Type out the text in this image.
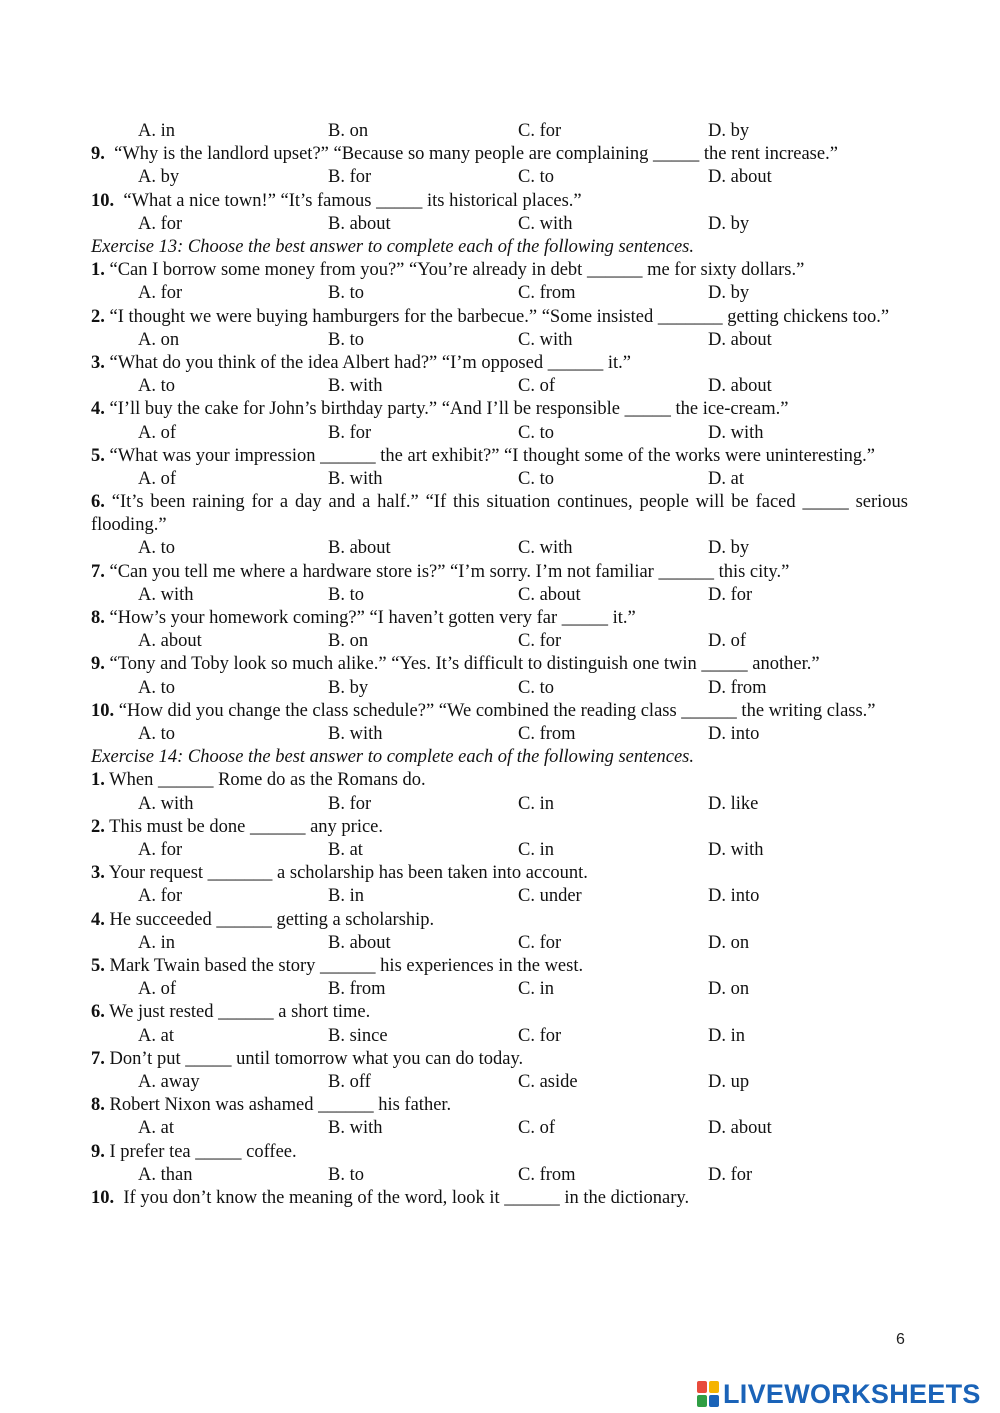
A. in	B. on	C. for	D. by
9. “Why is the landlord upset?” “Because so many people are complaining _____ the rent increase.”
A. by	B. for	C. to	D. about
10. “What a nice town!” “It’s famous _____ its historical places.”
A. for	B. about	C. with	D. by
Exercise 13: Choose the best answer to complete each of the following sentences.
1. “Can I borrow some money from you?” “You’re already in debt ______ me for sixty dollars.”
A. for	B. to	C. from	D. by
2. “I thought we were buying hamburgers for the barbecue.” “Some insisted _______ getting chickens too.”
A. on	B. to	C. with	D. about
3. “What do you think of the idea Albert had?” “I’m opposed ______ it.”
A. to	B. with	C. of	D. about
4. “I’ll buy the cake for John’s birthday party.” “And I’ll be responsible _____ the ice-cream.”
A. of	B. for	C. to	D. with
5. “What was your impression ______ the art exhibit?” “I thought some of the works were uninteresting.”
A. of	B. with	C. to	D. at
6. “It’s been raining for a day and a half.” “If this situation continues, people will be faced _____ serious flooding.”
A. to	B. about	C. with	D. by
7. “Can you tell me where a hardware store is?” “I’m sorry. I’m not familiar ______ this city.”
A. with	B. to	C. about	D. for
8. “How’s your homework coming?” “I haven’t gotten very far _____ it.”
A. about	B. on	C. for	D. of
9. “Tony and Toby look so much alike.” “Yes. It’s difficult to distinguish one twin _____ another.”
A. to	B. by	C. to	D. from
10. “How did you change the class schedule?” “We combined the reading class ______ the writing class.”
A. to	B. with	C. from	D. into
Exercise 14: Choose the best answer to complete each of the following sentences.
1. When ______ Rome do as the Romans do.
A. with	B. for	C. in	D. like
2. This must be done ______ any price.
A. for	B. at	C. in	D. with
3. Your request _______ a scholarship has been taken into account.
A. for	B. in	C. under	D. into
4. He succeeded ______ getting a scholarship.
A. in	B. about	C. for	D. on
5. Mark Twain based the story ______ his experiences in the west.
A. of	B. from	C. in	D. on
6. We just rested ______ a short time.
A. at	B. since	C. for	D. in
7. Don’t put _____ until tomorrow what you can do today.
A. away	B. off	C. aside	D. up
8. Robert Nixon was ashamed ______ his father.
A. at	B. with	C. of	D. about
9. I prefer tea _____ coffee.
A. than	B. to	C. from	D. for
10. If you don’t know the meaning of the word, look it ______ in the dictionary.
6
LIVEWORKSHEETS
